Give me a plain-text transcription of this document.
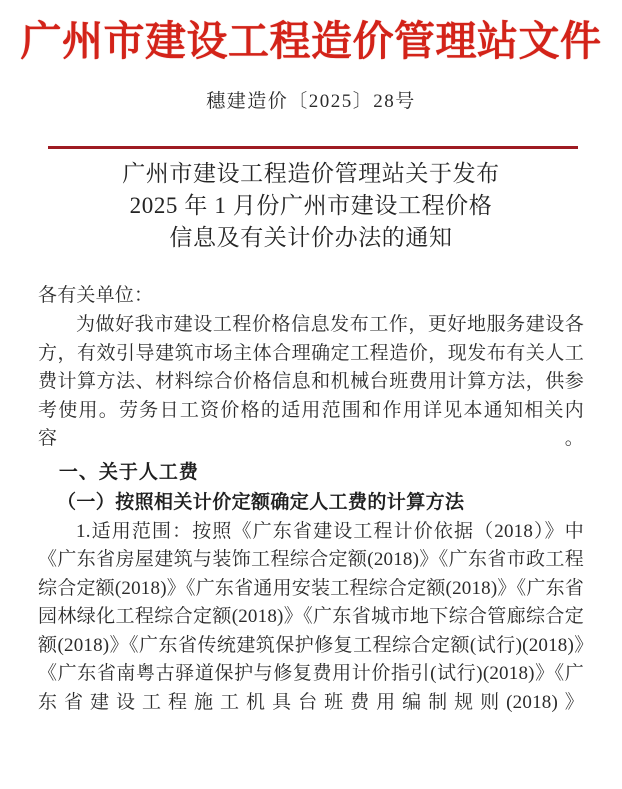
广州市建设工程造价管理站文件
穗建造价〔2025〕28号
广州市建设工程造价管理站关于发布
2025 年 1 月份广州市建设工程价格
信息及有关计价办法的通知

各有关单位：

为做好我市建设工程价格信息发布工作，更好地服务建设各方，有效引导建筑市场主体合理确定工程造价，现发布有关人工费计算方法、材料综合价格信息和机械台班费用计算方法，供参考使用。劳务日工资价格的适用范围和作用详见本通知相关内容。

一、关于人工费

（一）按照相关计价定额确定人工费的计算方法

1.适用范围：按照《广东省建设工程计价依据（2018）》中《广东省房屋建筑与装饰工程综合定额(2018)》《广东省市政工程综合定额(2018)》《广东省通用安装工程综合定额(2018)》《广东省园林绿化工程综合定额(2018)》《广东省城市地下综合管廊综合定额(2018)》《广东省传统建筑保护修复工程综合定额(试行)(2018)》《广东省南粤古驿道保护与修复费用计价指引(试行)(2018)》《广东省建设工程施工机具台班费用编制规则(2018)》
